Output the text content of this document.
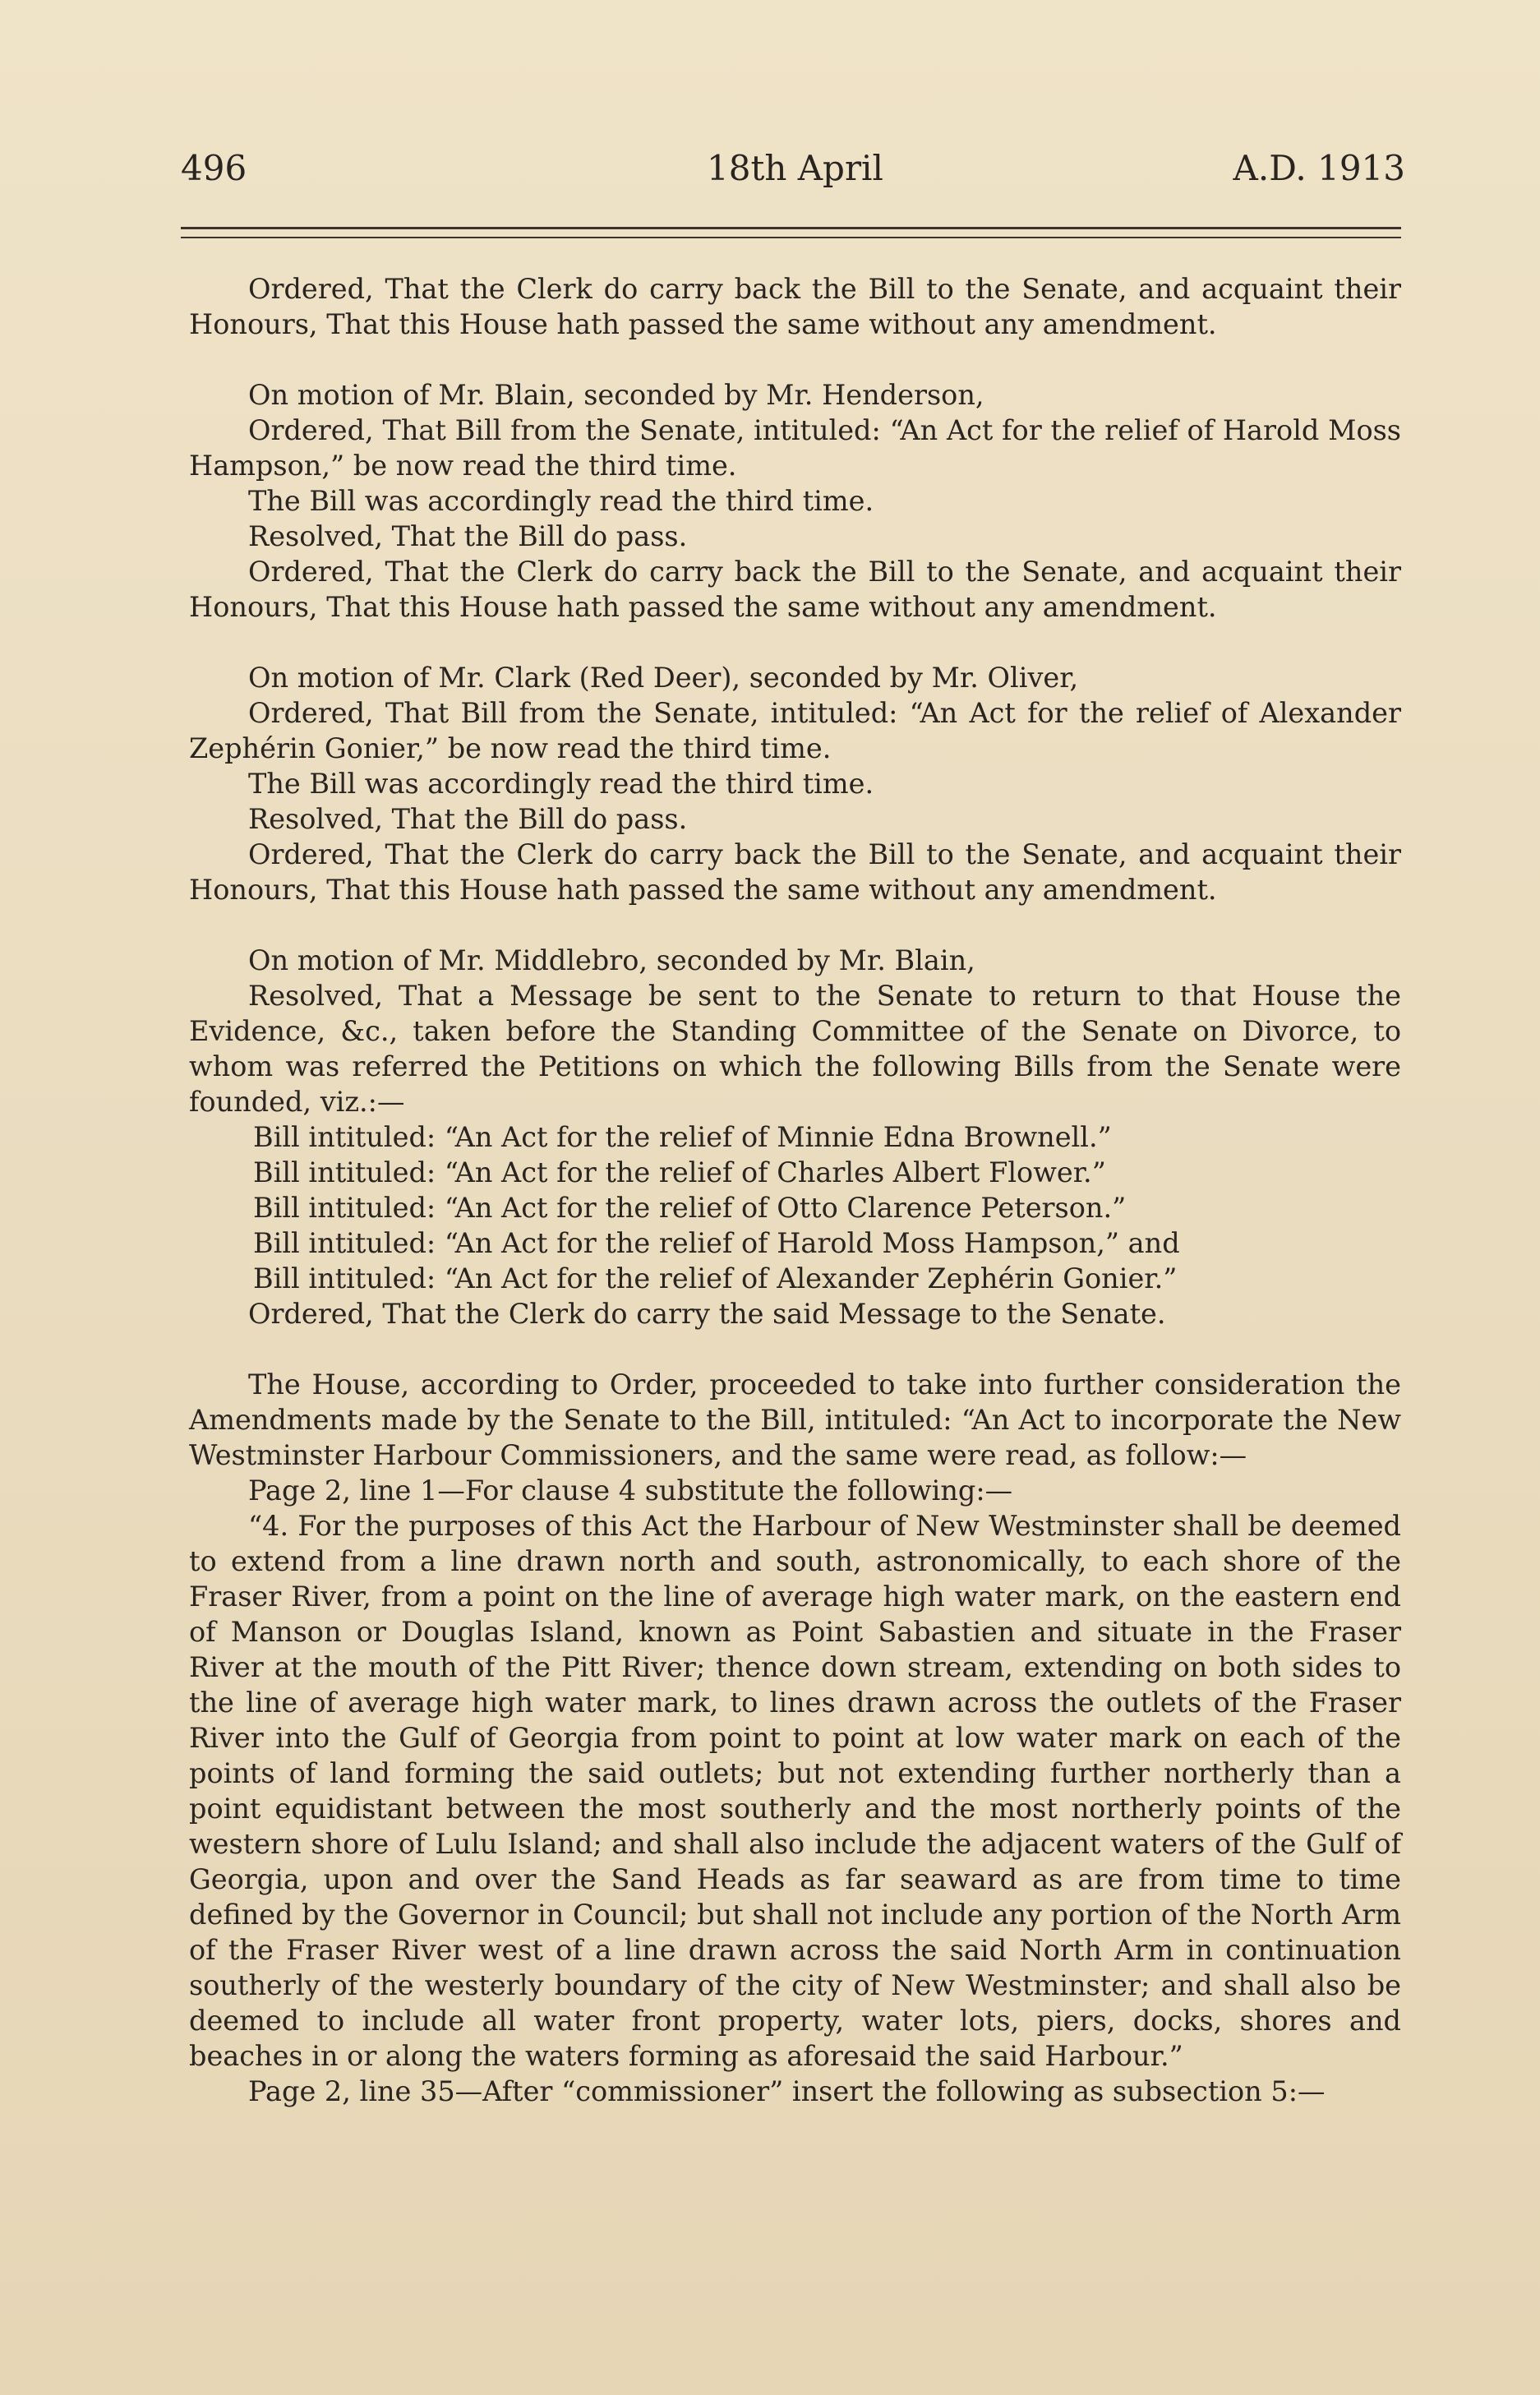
496	18th April	A.D. 1913

Ordered, That the Clerk do carry back the Bill to the Senate, and acquaint their Honours, That this House hath passed the same without any amendment.

On motion of Mr. Blain, seconded by Mr. Henderson,

Ordered, That Bill from the Senate, intituled: “An Act for the relief of Harold Moss Hampson,” be now read the third time.

The Bill was accordingly read the third time.

Resolved, That the Bill do pass.

Ordered, That the Clerk do carry back the Bill to the Senate, and acquaint their Honours, That this House hath passed the same without any amendment.

On motion of Mr. Clark (Red Deer), seconded by Mr. Oliver,

Ordered, That Bill from the Senate, intituled: “An Act for the relief of Alexander Zephérin Gonier,” be now read the third time.

The Bill was accordingly read the third time.

Resolved, That the Bill do pass.

Ordered, That the Clerk do carry back the Bill to the Senate, and acquaint their Honours, That this House hath passed the same without any amendment.

On motion of Mr. Middlebro, seconded by Mr. Blain,

Resolved, That a Message be sent to the Senate to return to that House the Evidence, &c., taken before the Standing Committee of the Senate on Divorce, to whom was referred the Petitions on which the following Bills from the Senate were founded, viz.:—

Bill intituled: “An Act for the relief of Minnie Edna Brownell.”

Bill intituled: “An Act for the relief of Charles Albert Flower.”

Bill intituled: “An Act for the relief of Otto Clarence Peterson.”

Bill intituled: “An Act for the relief of Harold Moss Hampson,” and

Bill intituled: “An Act for the relief of Alexander Zephérin Gonier.”

Ordered, That the Clerk do carry the said Message to the Senate.

The House, according to Order, proceeded to take into further consideration the Amendments made by the Senate to the Bill, intituled: “An Act to incorporate the New Westminster Harbour Commissioners, and the same were read, as follow:—

Page 2, line 1—For clause 4 substitute the following:—

“4. For the purposes of this Act the Harbour of New Westminster shall be deemed to extend from a line drawn north and south, astronomically, to each shore of the Fraser River, from a point on the line of average high water mark, on the eastern end of Manson or Douglas Island, known as Point Sabastien and situate in the Fraser River at the mouth of the Pitt River; thence down stream, extending on both sides to the line of average high water mark, to lines drawn across the outlets of the Fraser River into the Gulf of Georgia from point to point at low water mark on each of the points of land forming the said outlets; but not extending further northerly than a point equidistant between the most southerly and the most northerly points of the western shore of Lulu Island; and shall also include the adjacent waters of the Gulf of Georgia, upon and over the Sand Heads as far seaward as are from time to time defined by the Governor in Council; but shall not include any portion of the North Arm of the Fraser River west of a line drawn across the said North Arm in continuation southerly of the westerly boundary of the city of New Westminster; and shall also be deemed to include all water front property, water lots, piers, docks, shores and beaches in or along the waters forming as aforesaid the said Harbour.”

Page 2, line 35—After “commissioner” insert the following as subsection 5:—
